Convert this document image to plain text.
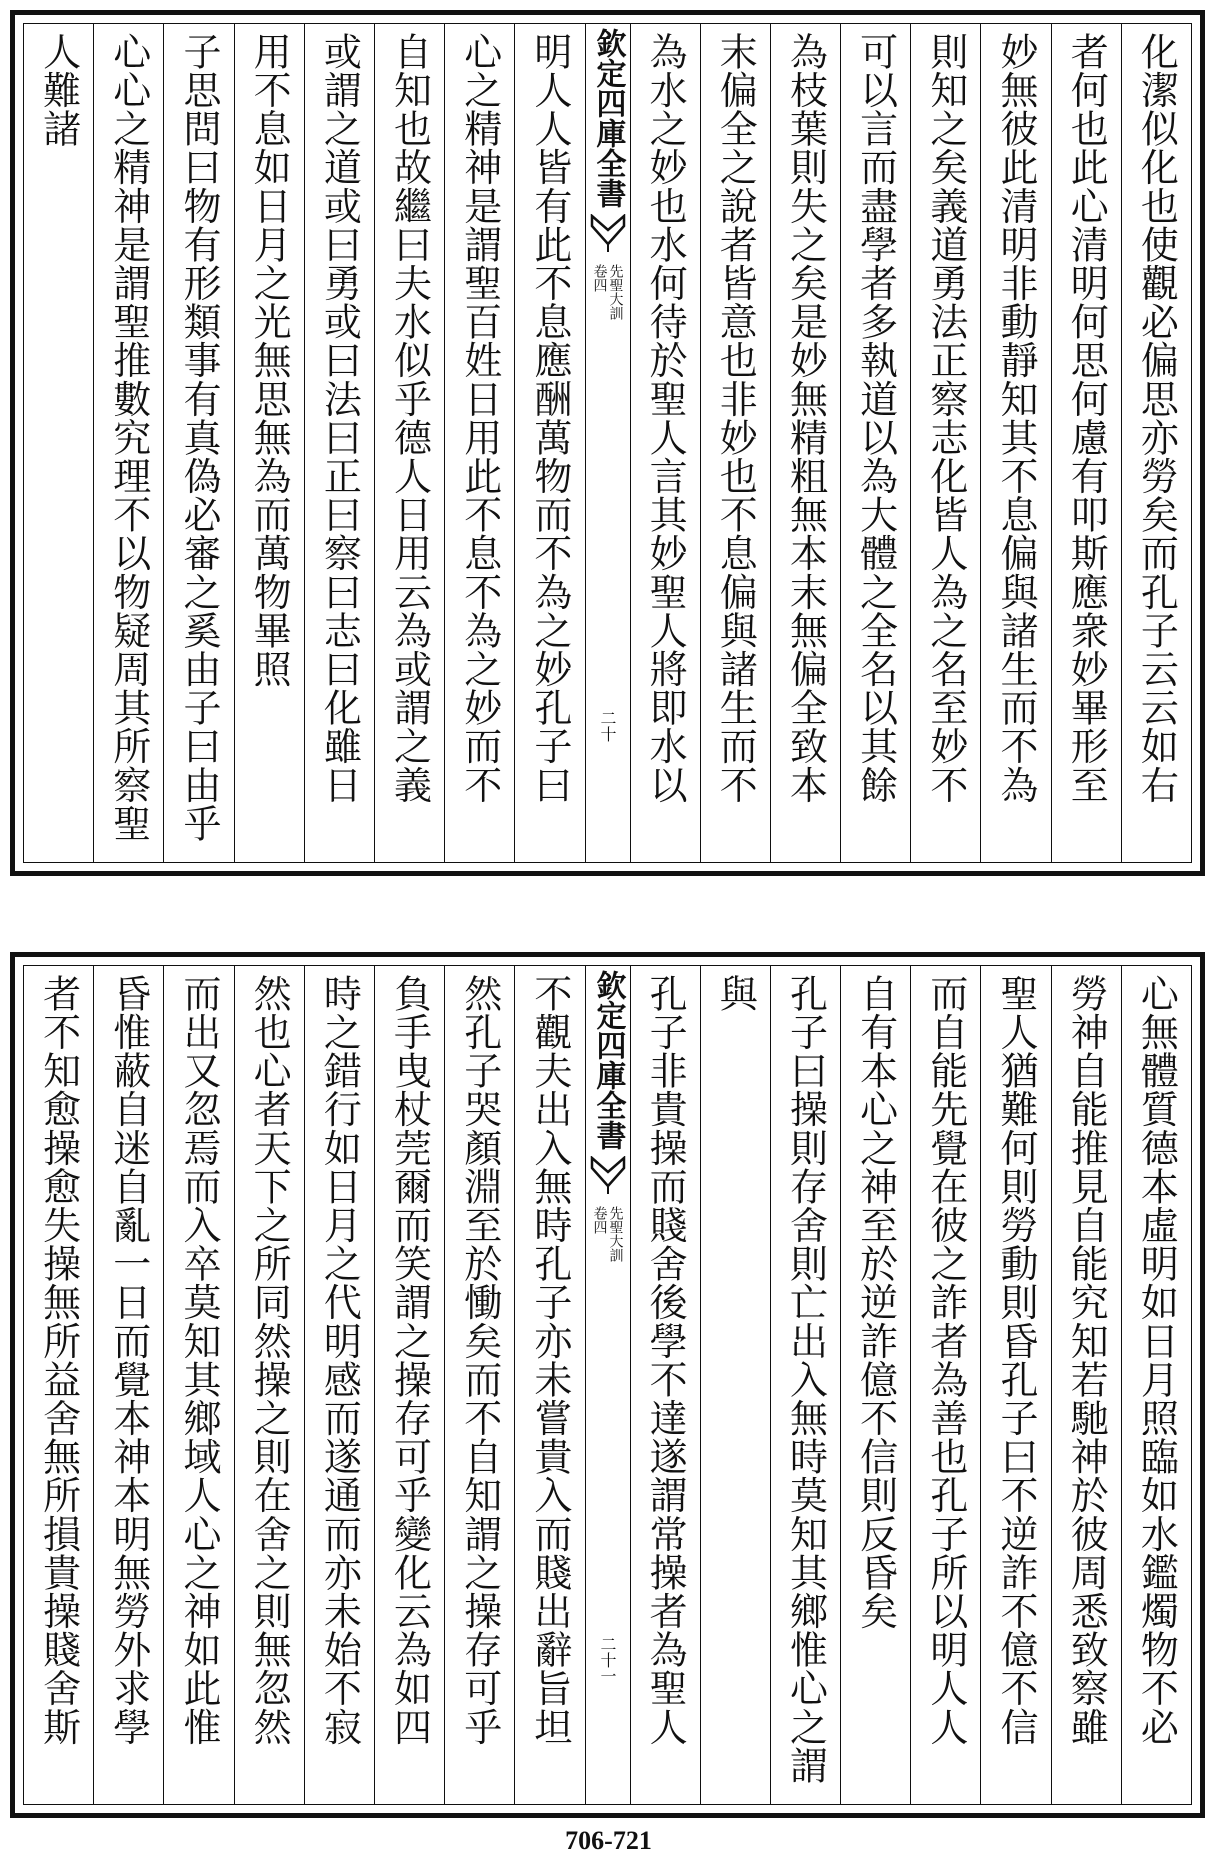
化潔似化也使觀必偏思亦勞矣而孔子云云如右
者何也此心清明何思何慮有叩斯應衆妙畢形至
妙無彼此清明非動靜知其不息偏與諸生而不為
則知之矣義道勇法正察志化皆人為之名至妙不
可以言而盡學者多執道以為大體之全名以其餘
為枝葉則失之矣是妙無精粗無本末無偏全致本
末偏全之說者皆意也非妙也不息偏與諸生而不
為水之妙也水何待於聖人言其妙聖人將即水以
欽定四庫全書
先聖大訓
卷四
二十
明人人皆有此不息應酬萬物而不為之妙孔子曰
心之精神是謂聖百姓日用此不息不為之妙而不
自知也故繼曰夫水似乎德人日用云為或謂之義
或謂之道或曰勇或曰法曰正曰察曰志曰化雖日
用不息如日月之光無思無為而萬物畢照
子思問曰物有形類事有真偽必審之奚由子曰由乎
心心之精神是謂聖推數究理不以物疑周其所察聖
人難諸
心無體質德本虛明如日月照臨如水鑑燭物不必
勞神自能推見自能究知若馳神於彼周悉致察雖
聖人猶難何則勞動則昏孔子曰不逆詐不億不信
而自能先覺在彼之詐者為善也孔子所以明人人
自有本心之神至於逆詐億不信則反昏矣
孔子曰操則存舍則亡出入無時莫知其鄉惟心之謂
與
孔子非貴操而賤舍後學不達遂謂常操者為聖人
欽定四庫全書
先聖大訓
卷四
二十一
不觀夫出入無時孔子亦未嘗貴入而賤出辭旨坦
然孔子哭顏淵至於慟矣而不自知謂之操存可乎
負手曳杖莞爾而笑謂之操存可乎變化云為如四
時之錯行如日月之代明感而遂通而亦未始不寂
然也心者天下之所同然操之則在舍之則無忽然
而出又忽焉而入卒莫知其鄉域人心之神如此惟
昏惟蔽自迷自亂一日而覺本神本明無勞外求學
者不知愈操愈失操無所益舍無所損貴操賤舍斯
706-721
